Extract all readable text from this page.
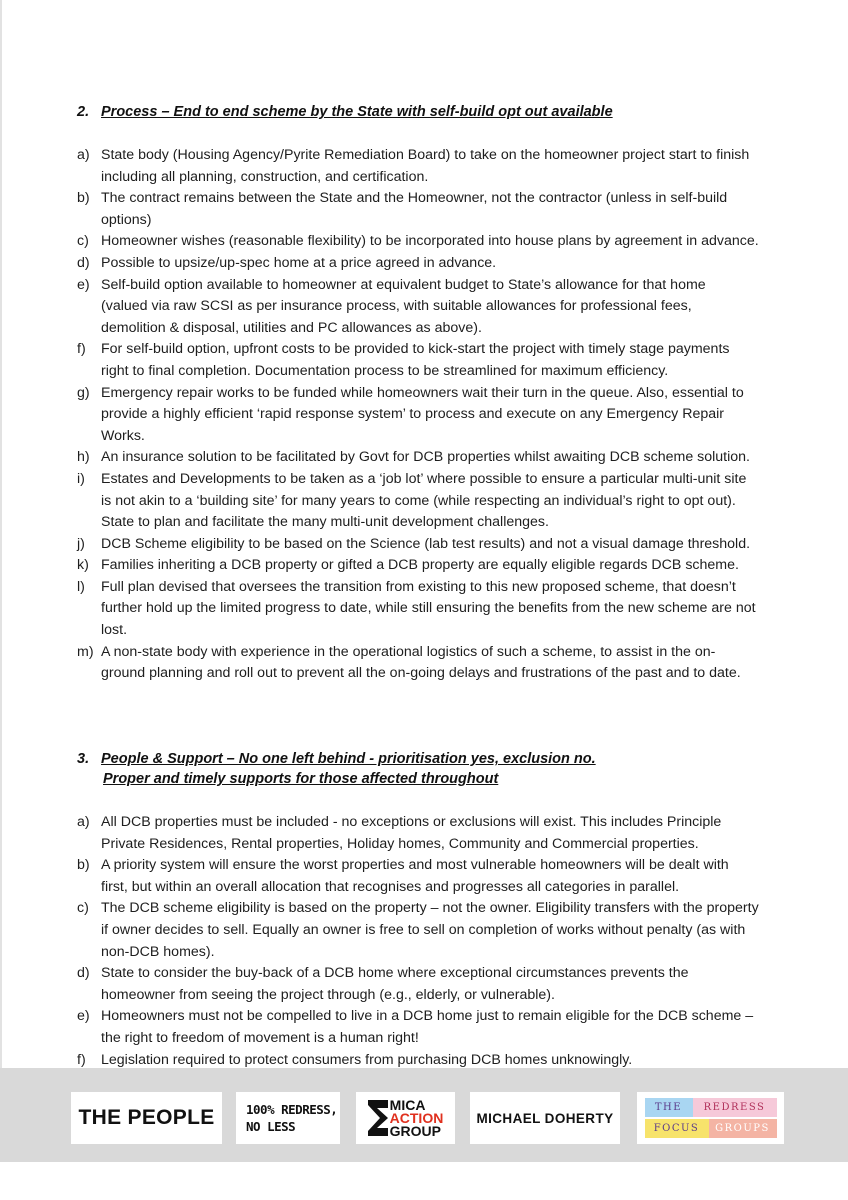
2. Process – End to end scheme by the State with self-build opt out available
a) State body (Housing Agency/Pyrite Remediation Board) to take on the homeowner project start to finish
including all planning, construction, and certification.
b) The contract remains between the State and the Homeowner, not the contractor (unless in self-build
options)
c) Homeowner wishes (reasonable flexibility) to be incorporated into house plans by agreement in advance.
d) Possible to upsize/up-spec home at a price agreed in advance.
e) Self-build option available to homeowner at equivalent budget to State’s allowance for that home
(valued via raw SCSI as per insurance process, with suitable allowances for professional fees,
demolition & disposal, utilities and PC allowances as above).
f) For self-build option, upfront costs to be provided to kick-start the project with timely stage payments
right to final completion. Documentation process to be streamlined for maximum efficiency.
g) Emergency repair works to be funded while homeowners wait their turn in the queue. Also, essential to
provide a highly efficient ‘rapid response system’ to process and execute on any Emergency Repair
Works.
h) An insurance solution to be facilitated by Govt for DCB properties whilst awaiting DCB scheme solution.
i) Estates and Developments to be taken as a ‘job lot’ where possible to ensure a particular multi-unit site
is not akin to a ‘building site’ for many years to come (while respecting an individual’s right to opt out).
State to plan and facilitate the many multi-unit development challenges.
j) DCB Scheme eligibility to be based on the Science (lab test results) and not a visual damage threshold.
k) Families inheriting a DCB property or gifted a DCB property are equally eligible regards DCB scheme.
l) Full plan devised that oversees the transition from existing to this new proposed scheme, that doesn’t
further hold up the limited progress to date, while still ensuring the benefits from the new scheme are not
lost.
m) A non-state body with experience in the operational logistics of such a scheme, to assist in the on-
ground planning and roll out to prevent all the on-going delays and frustrations of the past and to date.
3. People & Support – No one left behind - prioritisation yes, exclusion no.
Proper and timely supports for those affected throughout
a) All DCB properties must be included - no exceptions or exclusions will exist. This includes Principle
Private Residences, Rental properties, Holiday homes, Community and Commercial properties.
b) A priority system will ensure the worst properties and most vulnerable homeowners will be dealt with
first, but within an overall allocation that recognises and progresses all categories in parallel.
c) The DCB scheme eligibility is based on the property – not the owner. Eligibility transfers with the property
if owner decides to sell. Equally an owner is free to sell on completion of works without penalty (as with
non-DCB homes).
d) State to consider the buy-back of a DCB home where exceptional circumstances prevents the
homeowner from seeing the project through (e.g., elderly, or vulnerable).
e) Homeowners must not be compelled to live in a DCB home just to remain eligible for the DCB scheme –
the right to freedom of movement is a human right!
f) Legislation required to protect consumers from purchasing DCB homes unknowingly.
THE PEOPLE	100% REDRESS,
NO LESS
MICA
ACTION
GROUP
MICHAEL DOHERTY
THE	REDRESS
FOCUS	GROUPS
